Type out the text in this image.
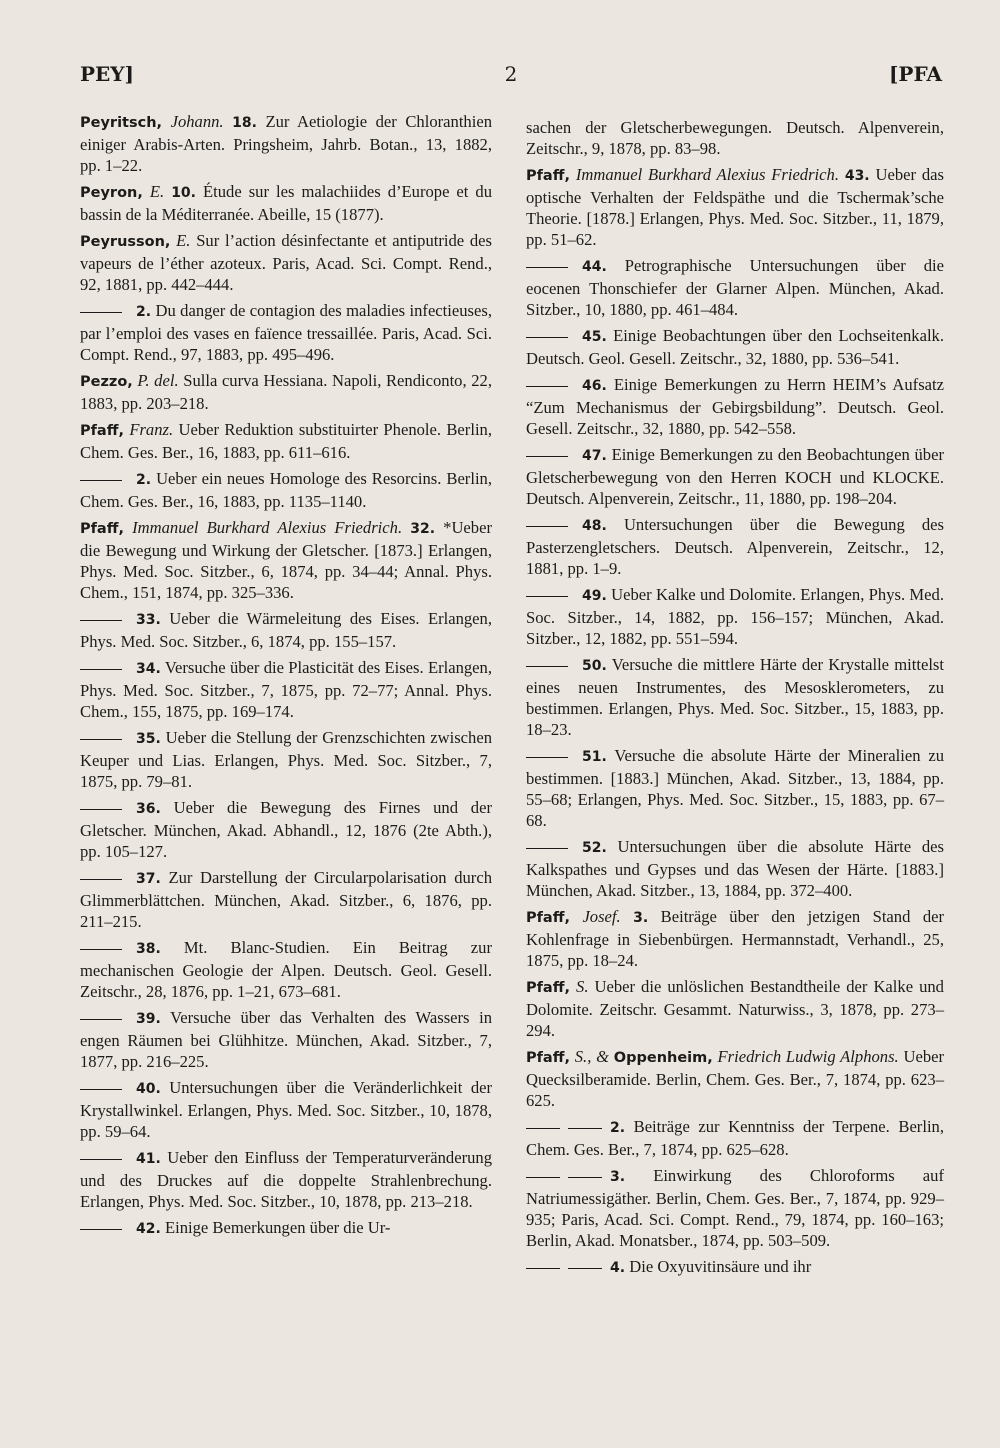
PEY]	2	[PFA

Peyritsch, Johann. 18. Zur Aetiologie der Chloranthien einiger Arabis-Arten. Pringsheim, Jahrb. Botan., 13, 1882, pp. 1–22.

Peyron, E. 10. Étude sur les malachiides d’Europe et du bassin de la Méditerranée. Abeille, 15 (1877).

Peyrusson, E. Sur l’action désinfectante et antiputride des vapeurs de l’éther azoteux. Paris, Acad. Sci. Compt. Rend., 92, 1881, pp. 442–444.

2. Du danger de contagion des maladies infectieuses, par l’emploi des vases en faïence tressaillée. Paris, Acad. Sci. Compt. Rend., 97, 1883, pp. 495–496.

Pezzo, P. del. Sulla curva Hessiana. Napoli, Rendiconto, 22, 1883, pp. 203–218.

Pfaff, Franz. Ueber Reduktion substituirter Phenole. Berlin, Chem. Ges. Ber., 16, 1883, pp. 611–616.

2. Ueber ein neues Homologe des Resorcins. Berlin, Chem. Ges. Ber., 16, 1883, pp. 1135–1140.

Pfaff, Immanuel Burkhard Alexius Friedrich. 32. *Ueber die Bewegung und Wirkung der Gletscher. [1873.] Erlangen, Phys. Med. Soc. Sitzber., 6, 1874, pp. 34–44; Annal. Phys. Chem., 151, 1874, pp. 325–336.

33. Ueber die Wärmeleitung des Eises. Erlangen, Phys. Med. Soc. Sitzber., 6, 1874, pp. 155–157.

34. Versuche über die Plasticität des Eises. Erlangen, Phys. Med. Soc. Sitzber., 7, 1875, pp. 72–77; Annal. Phys. Chem., 155, 1875, pp. 169–174.

35. Ueber die Stellung der Grenzschichten zwischen Keuper und Lias. Erlangen, Phys. Med. Soc. Sitzber., 7, 1875, pp. 79–81.

36. Ueber die Bewegung des Firnes und der Gletscher. München, Akad. Abhandl., 12, 1876 (2te Abth.), pp. 105–127.

37. Zur Darstellung der Circularpolarisation durch Glimmerblättchen. München, Akad. Sitzber., 6, 1876, pp. 211–215.

38. Mt. Blanc-Studien. Ein Beitrag zur mechanischen Geologie der Alpen. Deutsch. Geol. Gesell. Zeitschr., 28, 1876, pp. 1–21, 673–681.

39. Versuche über das Verhalten des Wassers in engen Räumen bei Glühhitze. München, Akad. Sitzber., 7, 1877, pp. 216–225.

40. Untersuchungen über die Veränderlichkeit der Krystallwinkel. Erlangen, Phys. Med. Soc. Sitzber., 10, 1878, pp. 59–64.

41. Ueber den Einfluss der Temperaturveränderung und des Druckes auf die doppelte Strahlenbrechung. Erlangen, Phys. Med. Soc. Sitzber., 10, 1878, pp. 213–218.

42. Einige Bemerkungen über die Ur-

sachen der Gletscherbewegungen. Deutsch. Alpenverein, Zeitschr., 9, 1878, pp. 83–98.

Pfaff, Immanuel Burkhard Alexius Friedrich. 43. Ueber das optische Verhalten der Feldspäthe und die Tschermak’sche Theorie. [1878.] Erlangen, Phys. Med. Soc. Sitzber., 11, 1879, pp. 51–62.

44. Petrographische Untersuchungen über die eocenen Thonschiefer der Glarner Alpen. München, Akad. Sitzber., 10, 1880, pp. 461–484.

45. Einige Beobachtungen über den Lochseitenkalk. Deutsch. Geol. Gesell. Zeitschr., 32, 1880, pp. 536–541.

46. Einige Bemerkungen zu Herrn HEIM’s Aufsatz “Zum Mechanismus der Gebirgsbildung”. Deutsch. Geol. Gesell. Zeitschr., 32, 1880, pp. 542–558.

47. Einige Bemerkungen zu den Beobachtungen über Gletscherbewegung von den Herren KOCH und KLOCKE. Deutsch. Alpenverein, Zeitschr., 11, 1880, pp. 198–204.

48. Untersuchungen über die Bewegung des Pasterzengletschers. Deutsch. Alpenverein, Zeitschr., 12, 1881, pp. 1–9.

49. Ueber Kalke und Dolomite. Erlangen, Phys. Med. Soc. Sitzber., 14, 1882, pp. 156–157; München, Akad. Sitzber., 12, 1882, pp. 551–594.

50. Versuche die mittlere Härte der Krystalle mittelst eines neuen Instrumentes, des Mesosklerometers, zu bestimmen. Erlangen, Phys. Med. Soc. Sitzber., 15, 1883, pp. 18–23.

51. Versuche die absolute Härte der Mineralien zu bestimmen. [1883.] München, Akad. Sitzber., 13, 1884, pp. 55–68; Erlangen, Phys. Med. Soc. Sitzber., 15, 1883, pp. 67–68.

52. Untersuchungen über die absolute Härte des Kalkspathes und Gypses und das Wesen der Härte. [1883.] München, Akad. Sitzber., 13, 1884, pp. 372–400.

Pfaff, Josef. 3. Beiträge über den jetzigen Stand der Kohlenfrage in Siebenbürgen. Hermannstadt, Verhandl., 25, 1875, pp. 18–24.

Pfaff, S. Ueber die unlöslichen Bestandtheile der Kalke und Dolomite. Zeitschr. Gesammt. Naturwiss., 3, 1878, pp. 273–294.

Pfaff, S., & Oppenheim, Friedrich Ludwig Alphons. Ueber Quecksilberamide. Berlin, Chem. Ges. Ber., 7, 1874, pp. 623–625.

2. Beiträge zur Kenntniss der Terpene. Berlin, Chem. Ges. Ber., 7, 1874, pp. 625–628.

3. Einwirkung des Chloroforms auf Natriumessigäther. Berlin, Chem. Ges. Ber., 7, 1874, pp. 929–935; Paris, Acad. Sci. Compt. Rend., 79, 1874, pp. 160–163; Berlin, Akad. Monatsber., 1874, pp. 503–509.

4. Die Oxyuvitinsäure und ihr
